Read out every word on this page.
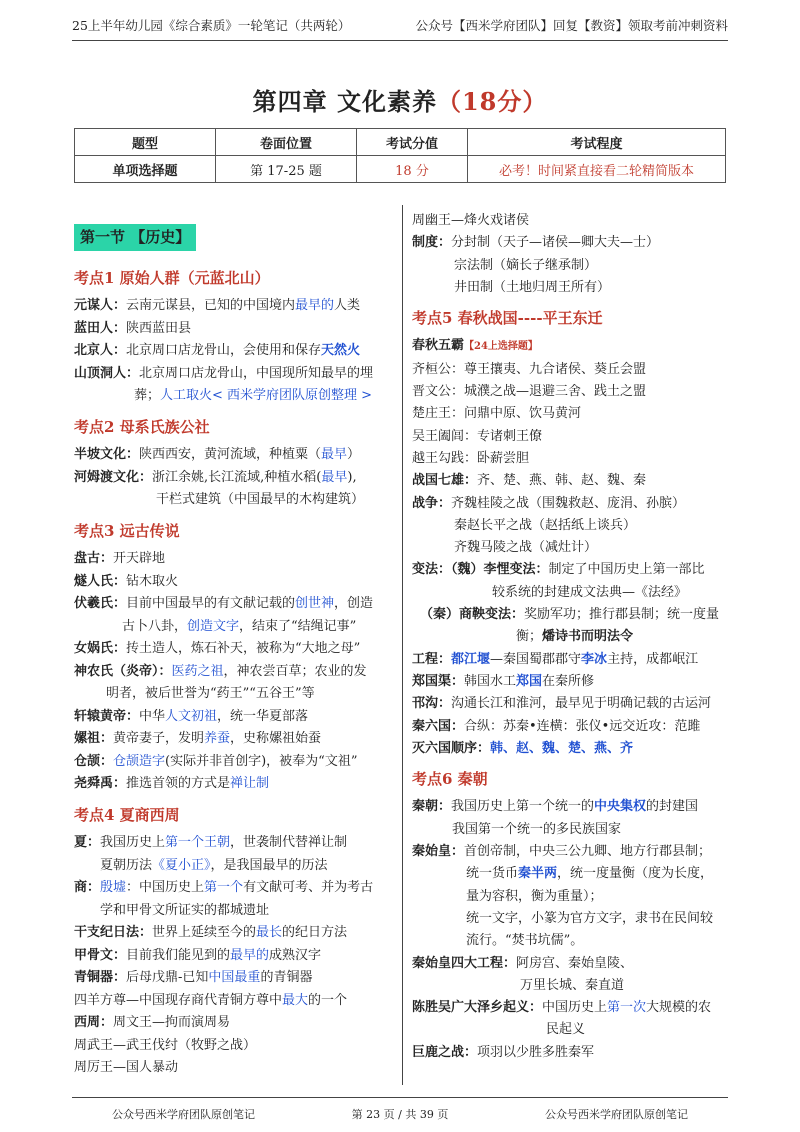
25上半年幼儿园《综合素质》一轮笔记（共两轮）	公众号【西米学府团队】回复【教资】领取考前冲刺资料
第四章 文化素养（18分）
题型	卷面位置	考试分值	考试程度
单项选择题	第 17-25 题	18 分	必考！时间紧直接看二轮精简版本
第一节 【历史】
考点1 原始人群（元蓝北山）
元谋人：云南元谋县，已知的中国境内最早的人类
蓝田人：陕西蓝田县
北京人：北京周口店龙骨山，会使用和保存天然火
山顶洞人：北京周口店龙骨山，中国现所知最早的埋
葬；人工取火< 西米学府团队原创整理 >
考点2 母系氏族公社
半坡文化：陕西西安，黄河流域，种植粟（最早）
河姆渡文化：浙江余姚,长江流域,种植水稻(最早),
干栏式建筑（中国最早的木构建筑）
考点3 远古传说
盘古：开天辟地
燧人氏：钻木取火
伏羲氏：目前中国最早的有文献记载的创世神，创造
古卜八卦，创造文字，结束了“结绳记事”
女娲氏：抟土造人，炼石补天，被称为“大地之母”
神农氏（炎帝）：医药之祖，神农尝百草；农业的发
明者，被后世誉为“药王”“五谷王”等
轩辕黄帝：中华人文初祖，统一华夏部落
嫘祖：黄帝妻子，发明养蚕，史称嫘祖始蚕
仓颉：仓颉造字(实际并非首创字)，被奉为“文祖”
尧舜禹：推选首领的方式是禅让制
考点4 夏商西周
夏：我国历史上第一个王朝，世袭制代替禅让制
夏朝历法《夏小正》，是我国最早的历法
商：殷墟：中国历史上第一个有文献可考、并为考古
学和甲骨文所证实的都城遗址
干支纪日法：世界上延续至今的最长的纪日方法
甲骨文：目前我们能见到的最早的成熟汉字
青铜器：后母戊鼎-已知中国最重的青铜器
四羊方尊—中国现存商代青铜方尊中最大的一个
西周：周文王—拘而演周易
周武王—武王伐纣（牧野之战）
周厉王—国人暴动
周幽王—烽火戏诸侯
制度：分封制（天子—诸侯—卿大夫—士）
宗法制（嫡长子继承制）
井田制（土地归周王所有）
考点5 春秋战国----平王东迁
春秋五霸【24上选择题】
齐桓公：尊王攘夷、九合诸侯、葵丘会盟
晋文公：城濮之战—退避三舍、践土之盟
楚庄王：问鼎中原、饮马黄河
吴王阖闾：专诸刺王僚
越王勾践：卧薪尝胆
战国七雄：齐、楚、燕、韩、赵、魏、秦
战争：齐魏桂陵之战（围魏救赵、庞涓、孙膑）
秦赵长平之战（赵括纸上谈兵）
齐魏马陵之战（减灶计）
变法：（魏）李悝变法：制定了中国历史上第一部比
较系统的封建成文法典—《法经》
（秦）商鞅变法：奖励军功；推行郡县制；统一度量
衡；燔诗书而明法令
工程：都江堰—秦国蜀郡郡守李冰主持，成都岷江
郑国渠：韩国水工郑国在秦所修
邗沟：沟通长江和淮河，最早见于明确记载的古运河
秦六国：合纵：苏秦•连横：张仪•远交近攻：范雎
灭六国顺序：韩、赵、魏、楚、燕、齐
考点6 秦朝
秦朝：我国历史上第一个统一的中央集权的封建国
我国第一个统一的多民族国家
秦始皇：首创帝制，中央三公九卿、地方行郡县制；
统一货币秦半两，统一度量衡（度为长度，
量为容积，衡为重量）；
统一文字，小篆为官方文字，隶书在民间较
流行。“焚书坑儒”。
秦始皇四大工程：阿房宫、秦始皇陵、
万里长城、秦直道
陈胜吴广大泽乡起义：中国历史上第一次大规模的农
民起义
巨鹿之战：项羽以少胜多胜秦军
公众号西米学府团队原创笔记	第 23 页 / 共 39 页	公众号西米学府团队原创笔记
